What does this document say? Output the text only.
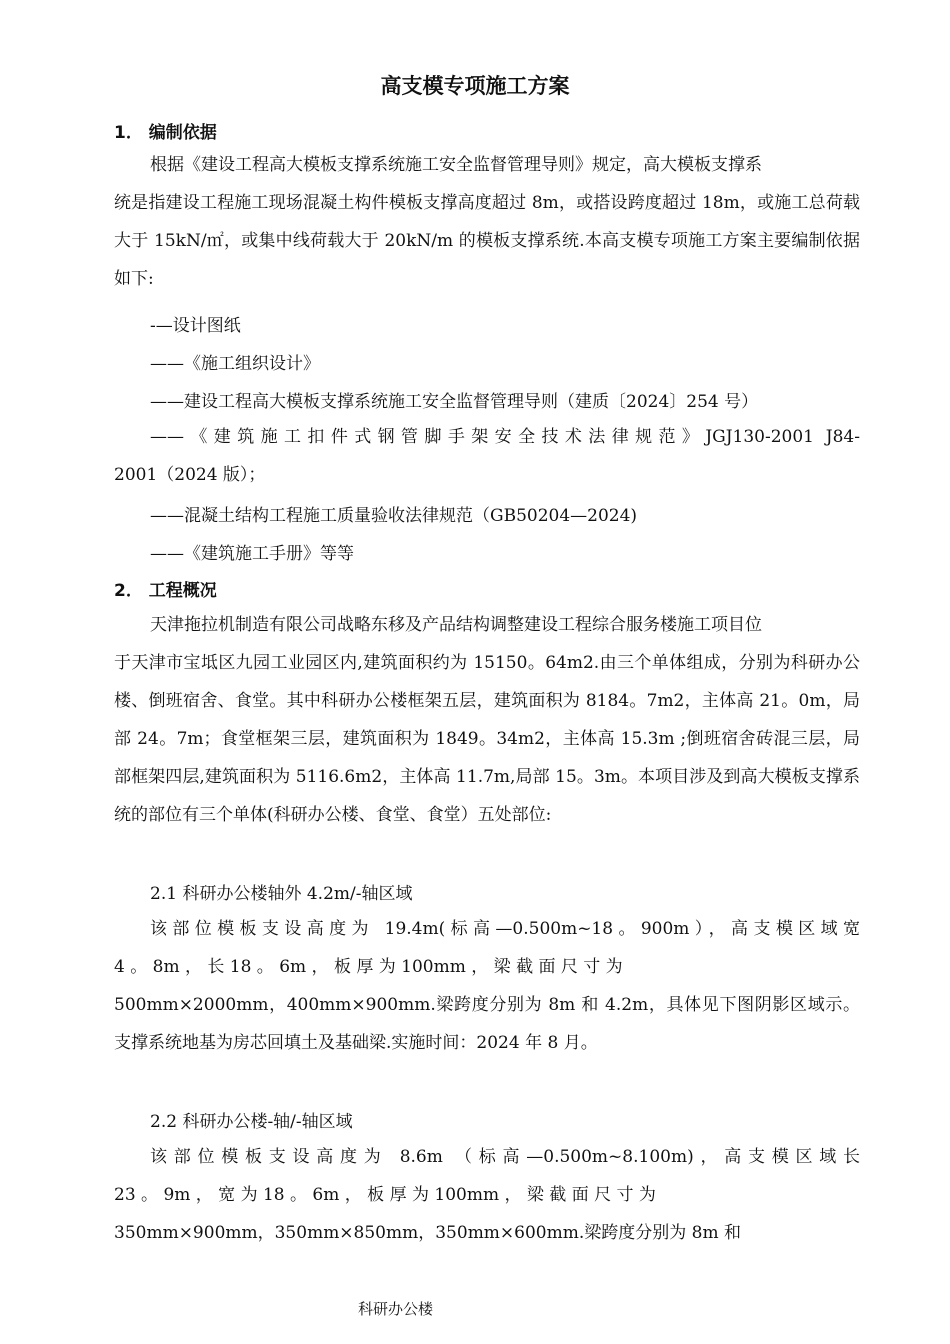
高支模专项施工方案
1． 编制依据
根据《建设工程高大模板支撑系统施工安全监督管理导则》规定，高大模板支撑系
统是指建设工程施工现场混凝土构件模板支撑高度超过 8m，或搭设跨度超过 18m，或施工总荷载大于 15kN/㎡，或集中线荷载大于 20kN/m 的模板支撑系统.本高支模专项施工方案主要编制依据如下:
-—设计图纸
——《施工组织设计》
——建设工程高大模板支撑系统施工安全监督管理导则（建质〔2024〕254 号）
——《建筑施工扣件式钢管脚手架安全技术法律规范》JGJ130-2001 J84-
2001（2024 版）；
——混凝土结构工程施工质量验收法律规范（GB50204—2024)
——《建筑施工手册》等等
2． 工程概况
天津拖拉机制造有限公司战略东移及产品结构调整建设工程综合服务楼施工项目位
于天津市宝坻区九园工业园区内,建筑面积约为 15150。64m2.由三个单体组成，分别为科研办公楼、倒班宿舍、食堂。其中科研办公楼框架五层，建筑面积为 8184。7m2，主体高 21。0m，局部 24。7m；食堂框架三层，建筑面积为 1849。34m2，主体高 15.3m ;倒班宿舍砖混三层，局部框架四层,建筑面积为 5116.6m2，主体高 11.7m,局部 15。3m。本项目涉及到高大模板支撑系统的部位有三个单体(科研办公楼、食堂、食堂）五处部位:
2.1 科研办公楼轴外 4.2m/-轴区域
该部位模板支设高度为 19.4m(标高—0.500m~18。900m），高支模区域宽
4 。 8m ， 长 18 。 6m ， 板 厚 为 100mm ， 梁 截 面 尺 寸 为
500mm×2000mm，400mm×900mm.梁跨度分别为 8m 和 4.2m，具体见下图阴影区域示。支撑系统地基为房芯回填土及基础梁.实施时间：2024 年 8 月。
2.2 科研办公楼-轴/-轴区域
该部位模板支设高度为 8.6m （标高—0.500m~8.100m)，高支模区域长
23 。 9m ， 宽 为 18 。 6m ， 板 厚 为 100mm ， 梁 截 面 尺 寸 为
350mm×900mm，350mm×850mm，350mm×600mm.梁跨度分别为 8m 和
科研办公楼
